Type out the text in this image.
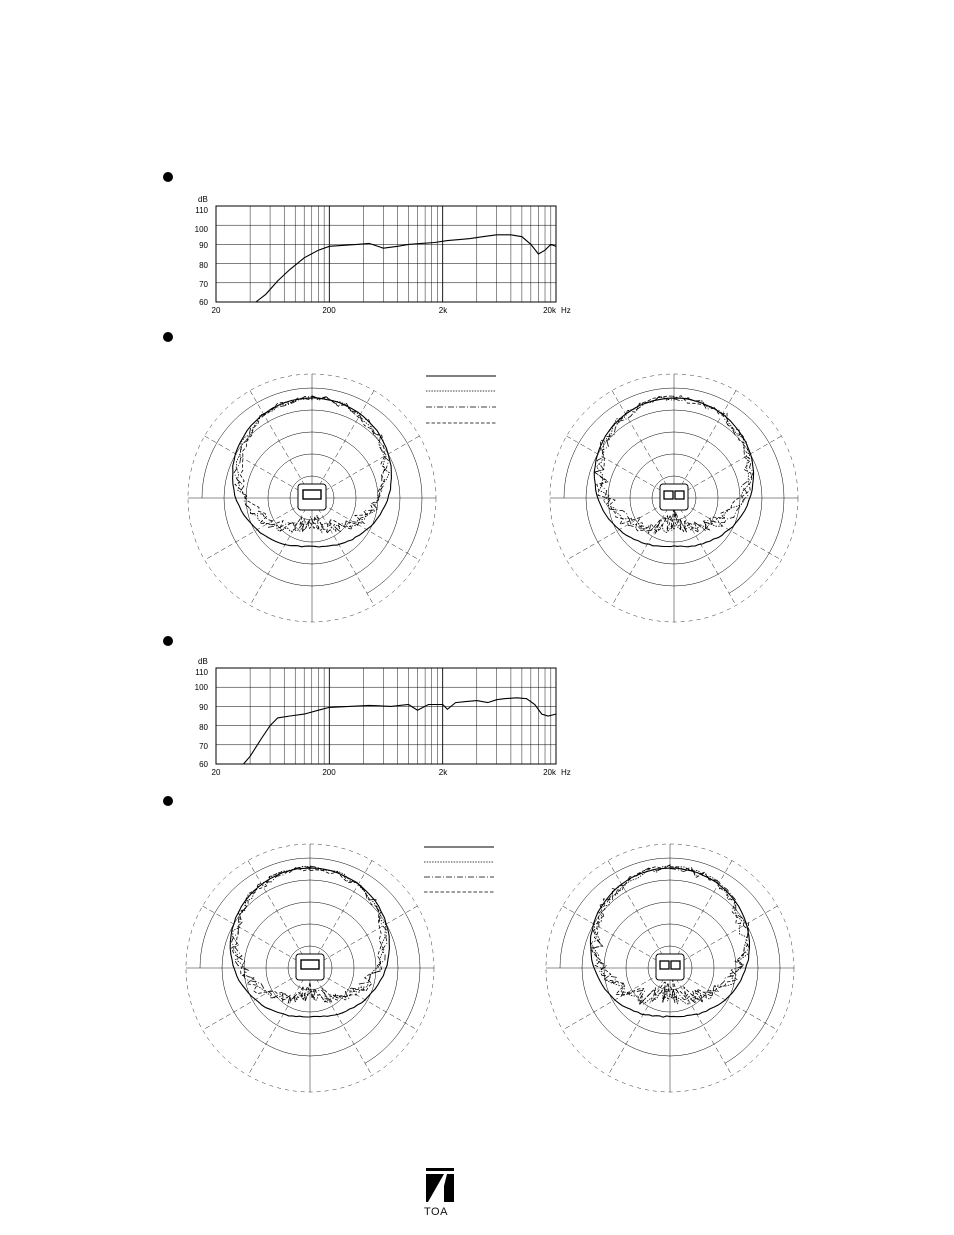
dB
110
100
90
80
70
60
20	200	2k	20k Hz
dB
110
100
90
80
70
60
20	200	2k	20k Hz
TOA
